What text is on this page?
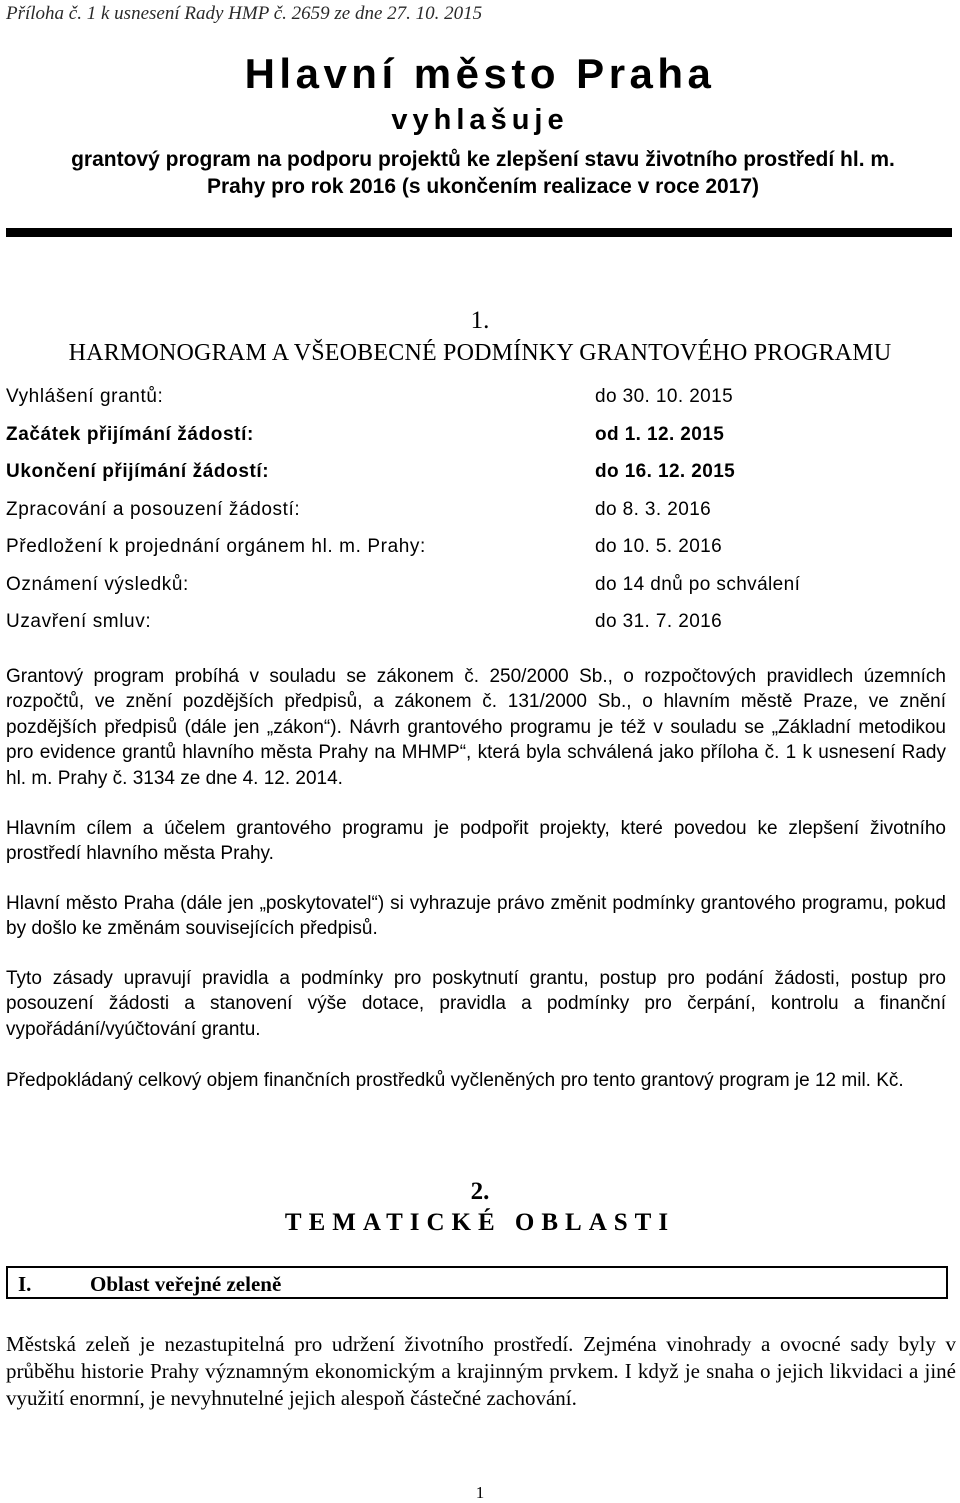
Příloha č. 1 k usnesení Rady HMP č. 2659 ze dne 27. 10. 2015
Hlavní město Praha
vyhlašuje
grantový program na podporu projektů ke zlepšení stavu životního prostředí hl. m.
Prahy pro rok 2016 (s ukončením realizace v roce 2017)
1.
HARMONOGRAM A VŠEOBECNÉ PODMÍNKY GRANTOVÉHO PROGRAMU
Vyhlášení grantů:	do 30. 10. 2015
Začátek přijímání žádostí:	od 1. 12. 2015
Ukončení přijímání žádostí:	do 16. 12. 2015
Zpracování a posouzení žádostí:	do 8. 3. 2016
Předložení k projednání orgánem hl. m. Prahy:	do 10. 5. 2016
Oznámení výsledků:	do 14 dnů po schválení
Uzavření smluv:	do 31. 7. 2016

Grantový program probíhá v souladu se zákonem č. 250/2000 Sb., o rozpočtových pravidlech územních rozpočtů, ve znění pozdějších předpisů, a zákonem č. 131/2000 Sb., o hlavním městě Praze, ve znění pozdějších předpisů (dále jen „zákon“). Návrh grantového programu je též v souladu se „Základní metodikou pro evidence grantů hlavního města Prahy na MHMP“, která byla schválená jako příloha č. 1 k usnesení Rady hl. m. Prahy č. 3134 ze dne 4. 12. 2014.

Hlavním cílem a účelem grantového programu je podpořit projekty, které povedou ke zlepšení životního prostředí hlavního města Prahy.

Hlavní město Praha (dále jen „poskytovatel“) si vyhrazuje právo změnit podmínky grantového programu, pokud by došlo ke změnám souvisejících předpisů.

Tyto zásady upravují pravidla a podmínky pro poskytnutí grantu, postup pro podání žádosti, postup pro posouzení žádosti a stanovení výše dotace, pravidla a podmínky pro čerpání, kontrolu a finanční vypořádání/vyúčtování grantu.

Předpokládaný celkový objem finančních prostředků vyčleněných pro tento grantový program je 12 mil. Kč.

2.
TEMATICKÉ OBLASTI
I.	Oblast veřejné zeleně
Městská zeleň je nezastupitelná pro udržení životního prostředí. Zejména vinohrady a ovocné sady byly v průběhu historie Prahy významným ekonomickým a krajinným prvkem. I když je snaha o jejich likvidaci a jiné využití enormní, je nevyhnutelné jejich alespoň částečné zachování.
1
